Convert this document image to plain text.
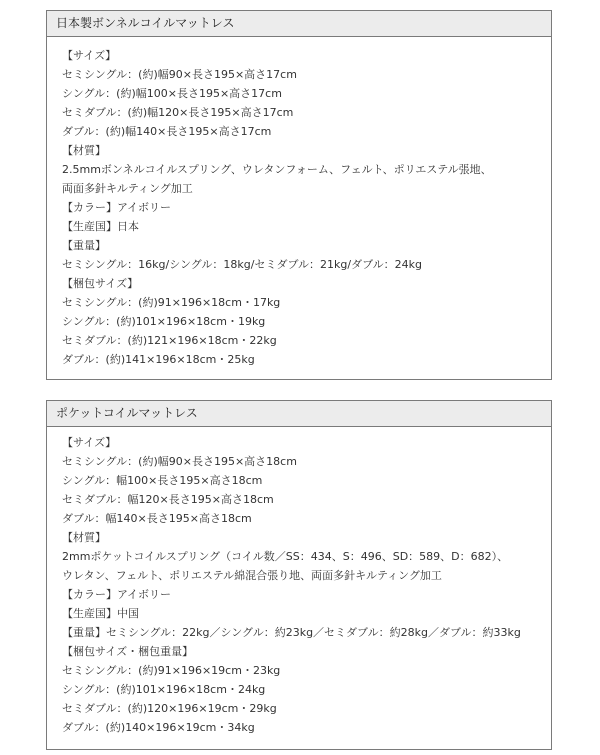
日本製ボンネルコイルマットレス
【サイズ】
セミシングル：(約)幅90×長さ195×高さ17cm
シングル：(約)幅100×長さ195×高さ17cm
セミダブル：(約)幅120×長さ195×高さ17cm
ダブル：(約)幅140×長さ195×高さ17cm
【材質】
2.5mmボンネルコイルスプリング、ウレタンフォーム、フェルト、ポリエステル張地、
両面多針キルティング加工
【カラー】アイボリー
【生産国】日本
【重量】
セミシングル：16kg/シングル：18kg/セミダブル：21kg/ダブル：24kg
【梱包サイズ】
セミシングル：(約)91×196×18cm・17kg
シングル：(約)101×196×18cm・19kg
セミダブル：(約)121×196×18cm・22kg
ダブル：(約)141×196×18cm・25kg
ポケットコイルマットレス
【サイズ】
セミシングル：(約)幅90×長さ195×高さ18cm
シングル：幅100×長さ195×高さ18cm
セミダブル：幅120×長さ195×高さ18cm
ダブル：幅140×長さ195×高さ18cm
【材質】
2mmポケットコイルスプリング（コイル数／SS：434、S：496、SD：589、D：682）、
ウレタン、フェルト、ポリエステル綿混合張り地、両面多針キルティング加工
【カラー】アイボリー
【生産国】中国
【重量】セミシングル：22kg／シングル：約23kg／セミダブル：約28kg／ダブル：約33kg
【梱包サイズ・梱包重量】
セミシングル：(約)91×196×19cm・23kg
シングル：(約)101×196×18cm・24kg
セミダブル：(約)120×196×19cm・29kg
ダブル：(約)140×196×19cm・34kg
